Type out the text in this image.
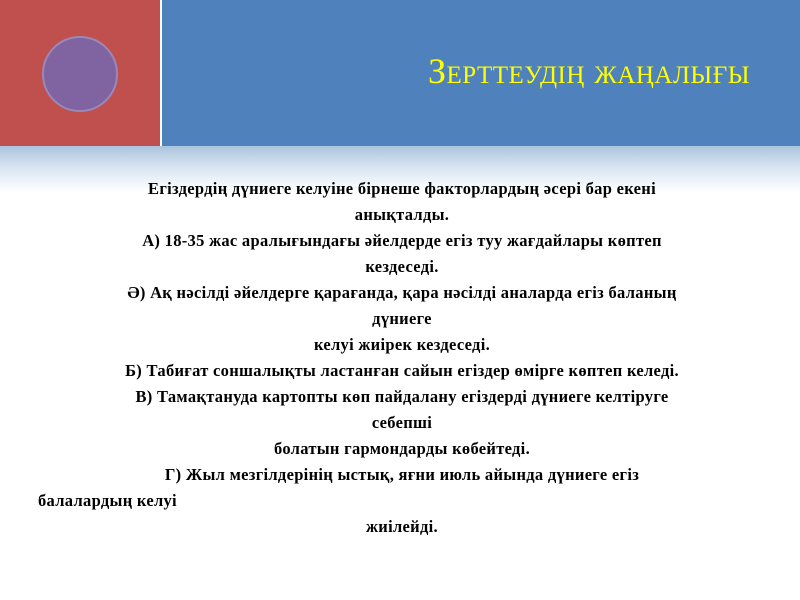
Зерттеудің жаңалығы
Егіздердің дүниеге келуіне бірнеше факторлардың әсері бар екені
анықталды.
А) 18-35 жас аралығындағы әйелдерде егіз туу жағдайлары көптеп
кездеседі.
Ә) Ақ нәсілді әйелдерге қарағанда, қара нәсілді аналарда егіз баланың
дүниеге
келуі жиірек кездеседі.
Б) Табиғат соншалықты ластанған сайын егіздер өмірге көптеп келеді.
В) Тамақтануда картопты көп пайдалану егіздерді дүниеге келтіруге
себепші
болатын гармондарды көбейтеді.
Г) Жыл мезгілдерінің ыстық, яғни июль айында дүниеге егіз
балалардың келуі
жиілейді.
